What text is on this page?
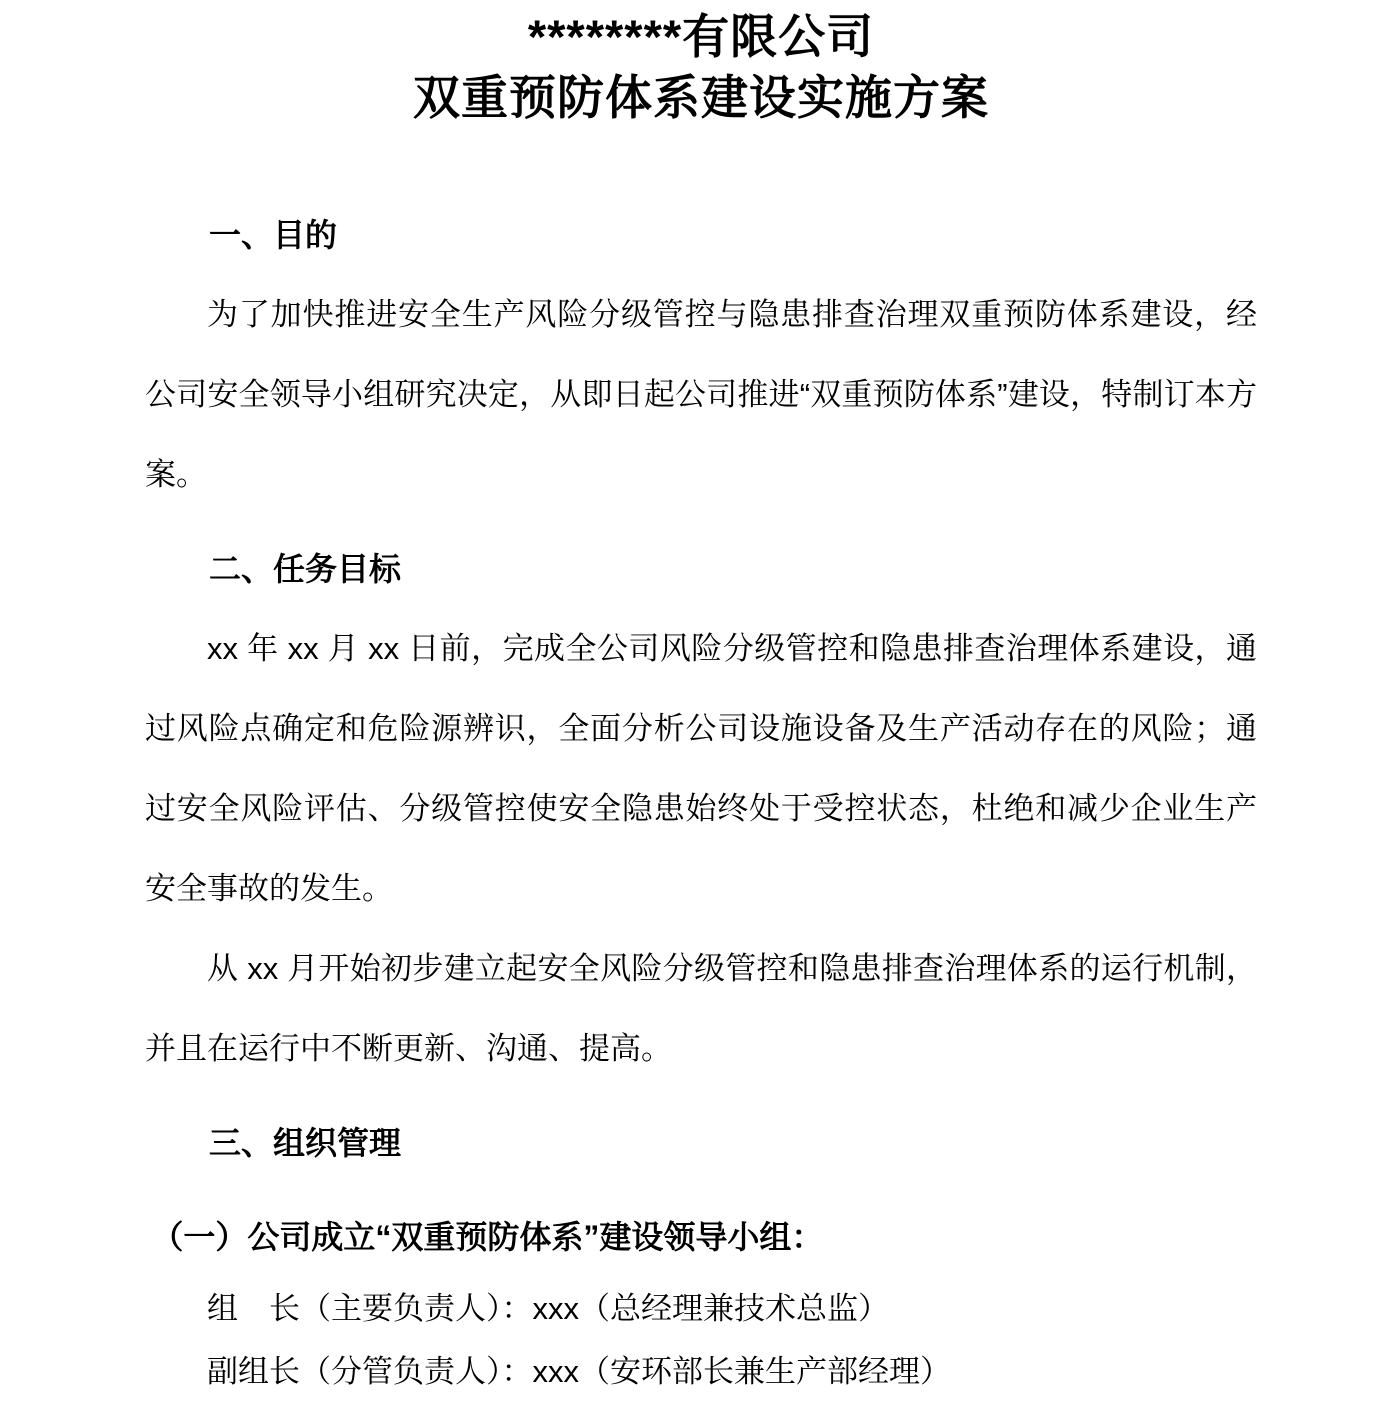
********有限公司
双重预防体系建设实施方案
一、目的

为了加快推进安全生产风险分级管控与隐患排查治理双重预防体系建设，经公司安全领导小组研究决定，从即日起公司推进“双重预防体系”建设，特制订本方案。

二、任务目标

xx 年 xx 月 xx 日前，完成全公司风险分级管控和隐患排查治理体系建设，通过风险点确定和危险源辨识，全面分析公司设施设备及生产活动存在的风险；通过安全风险评估、分级管控使安全隐患始终处于受控状态，杜绝和减少企业生产安全事故的发生。

从 xx 月开始初步建立起安全风险分级管控和隐患排查治理体系的运行机制，并且在运行中不断更新、沟通、提高。

三、组织管理
（一）公司成立“双重预防体系”建设领导小组：

组　长（主要负责人）：xxx（总经理兼技术总监）

副组长（分管负责人）：xxx（安环部长兼生产部经理）
